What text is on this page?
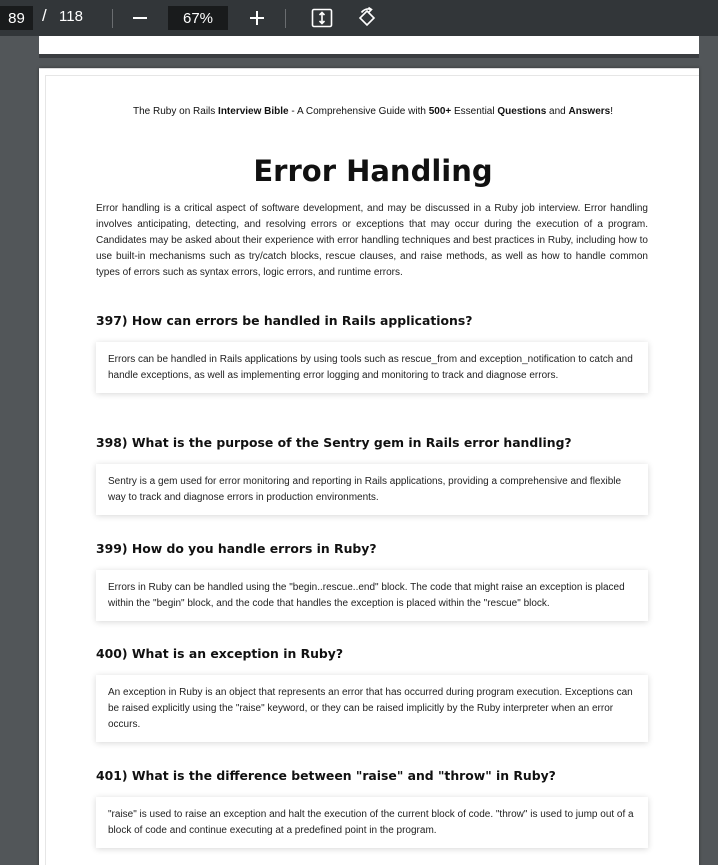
89	/ 118	67%
The Ruby on Rails Interview Bible - A Comprehensive Guide with 500+ Essential Questions and Answers!
Error Handling
Error handling is a critical aspect of software development, and may be discussed in a Ruby job interview. Error handling involves anticipating, detecting, and resolving errors or exceptions that may occur during the execution of a program. Candidates may be asked about their experience with error handling techniques and best practices in Ruby, including how to use built-in mechanisms such as try/catch blocks, rescue clauses, and raise methods, as well as how to handle common types of errors such as syntax errors, logic errors, and runtime errors.
397) How can errors be handled in Rails applications?
Errors can be handled in Rails applications by using tools such as rescue_from and exception_notification to catch and handle exceptions, as well as implementing error logging and monitoring to track and diagnose errors.
398) What is the purpose of the Sentry gem in Rails error handling?
Sentry is a gem used for error monitoring and reporting in Rails applications, providing a comprehensive and flexible way to track and diagnose errors in production environments.
399) How do you handle errors in Ruby?
Errors in Ruby can be handled using the "begin..rescue..end" block. The code that might raise an exception is placed within the "begin" block, and the code that handles the exception is placed within the "rescue" block.
400) What is an exception in Ruby?
An exception in Ruby is an object that represents an error that has occurred during program execution. Exceptions can be raised explicitly using the "raise" keyword, or they can be raised implicitly by the Ruby interpreter when an error occurs.
401) What is the difference between "raise" and "throw" in Ruby?
"raise" is used to raise an exception and halt the execution of the current block of code. "throw" is used to jump out of a block of code and continue executing at a predefined point in the program.
